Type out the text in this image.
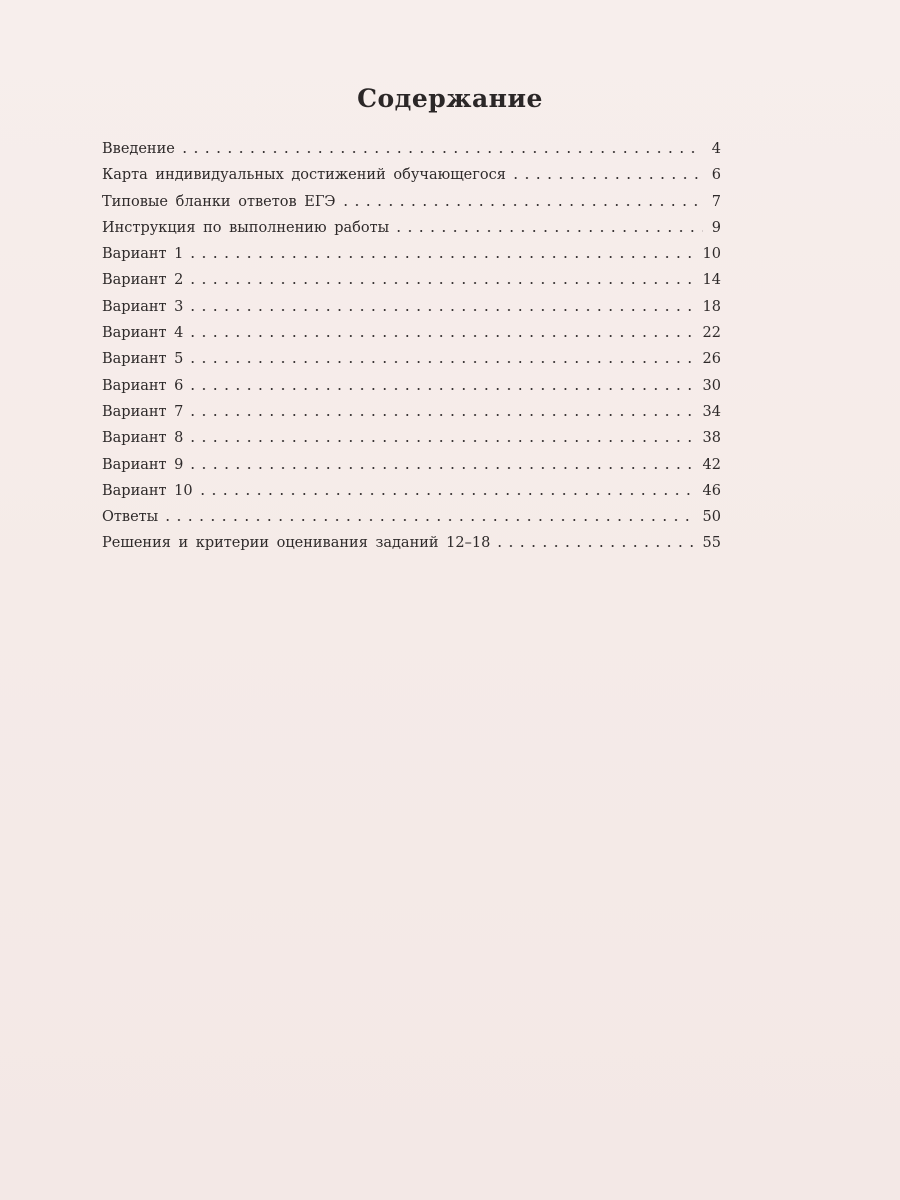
Содержание
Введение	4
Карта индивидуальных достижений обучающегося	6
Типовые бланки ответов ЕГЭ	7
Инструкция по выполнению работы	9
Вариант 1	10
Вариант 2	14
Вариант 3	18
Вариант 4	22
Вариант 5	26
Вариант 6	30
Вариант 7	34
Вариант 8	38
Вариант 9	42
Вариант 10	46
Ответы	50
Решения и критерии оценивания заданий 12–18	55
